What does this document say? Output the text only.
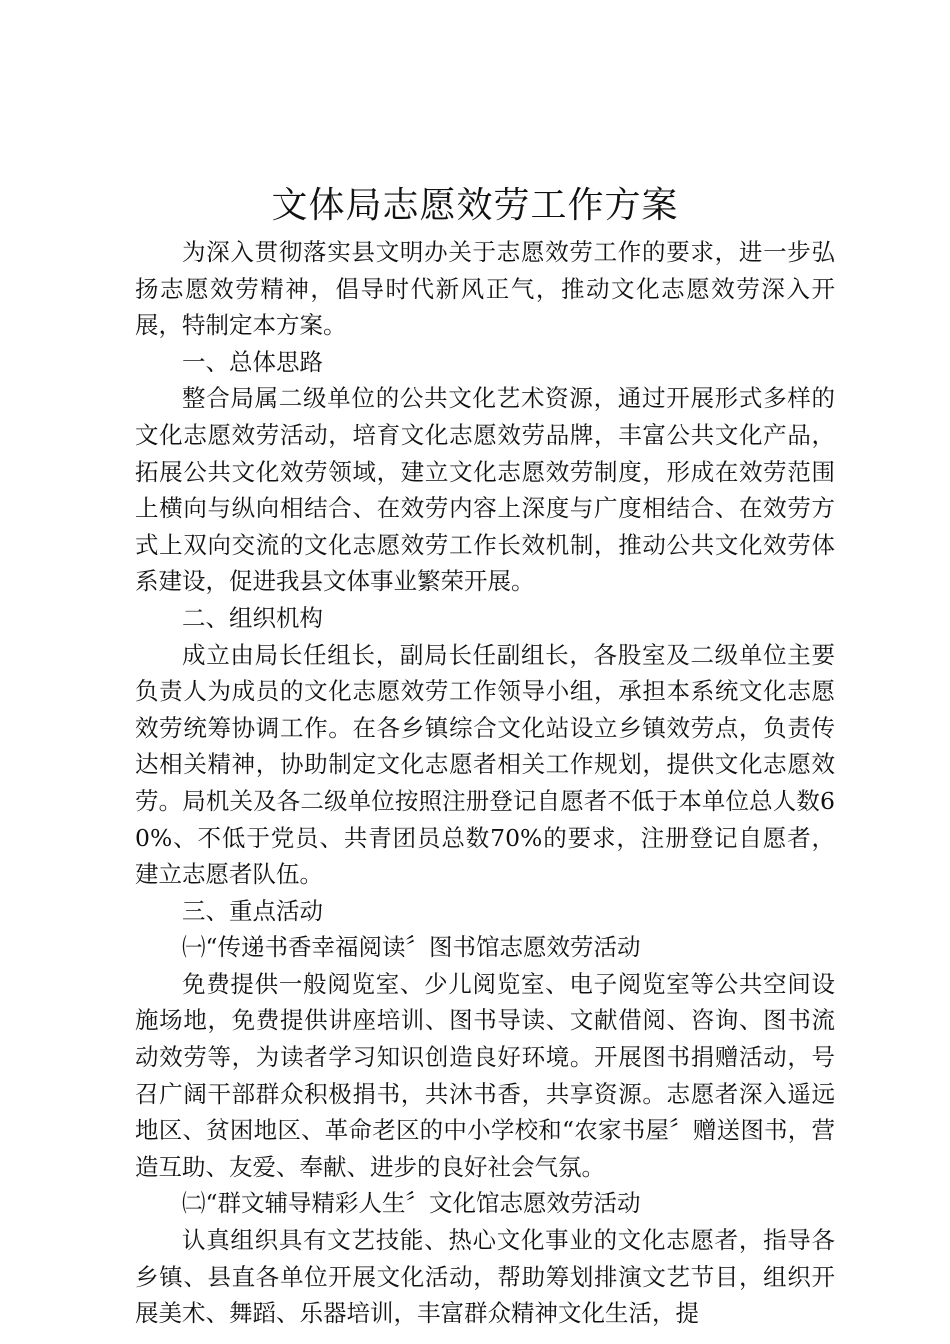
文体局志愿效劳工作方案

为深入贯彻落实县文明办关于志愿效劳工作的要求，进一步弘扬志愿效劳精神，倡导时代新风正气，推动文化志愿效劳深入开展，特制定本方案。

一、总体思路

整合局属二级单位的公共文化艺术资源，通过开展形式多样的文化志愿效劳活动，培育文化志愿效劳品牌，丰富公共文化产品，拓展公共文化效劳领域，建立文化志愿效劳制度，形成在效劳范围上横向与纵向相结合、在效劳内容上深度与广度相结合、在效劳方式上双向交流的文化志愿效劳工作长效机制，推动公共文化效劳体系建设，促进我县文体事业繁荣开展。

二、组织机构

成立由局长任组长，副局长任副组长，各股室及二级单位主要负责人为成员的文化志愿效劳工作领导小组，承担本系统文化志愿效劳统筹协调工作。在各乡镇综合文化站设立乡镇效劳点，负责传达相关精神，协助制定文化志愿者相关工作规划，提供文化志愿效劳。局机关及各二级单位按照注册登记自愿者不低于本单位总人数60%、不低于党员、共青团员总数70%的要求，注册登记自愿者，建立志愿者队伍。

三、重点活动

㈠“传递书香幸福阅读〞图书馆志愿效劳活动

免费提供一般阅览室、少儿阅览室、电子阅览室等公共空间设施场地，免费提供讲座培训、图书导读、文献借阅、咨询、图书流动效劳等，为读者学习知识创造良好环境。开展图书捐赠活动，号召广阔干部群众积极捐书，共沐书香，共享资源。志愿者深入遥远地区、贫困地区、革命老区的中小学校和“农家书屋〞赠送图书，营造互助、友爱、奉献、进步的良好社会气氛。

㈡“群文辅导精彩人生〞文化馆志愿效劳活动

认真组织具有文艺技能、热心文化事业的文化志愿者，指导各乡镇、县直各单位开展文化活动，帮助筹划排演文艺节目，组织开展美术、舞蹈、乐器培训，丰富群众精神文化生活，提
